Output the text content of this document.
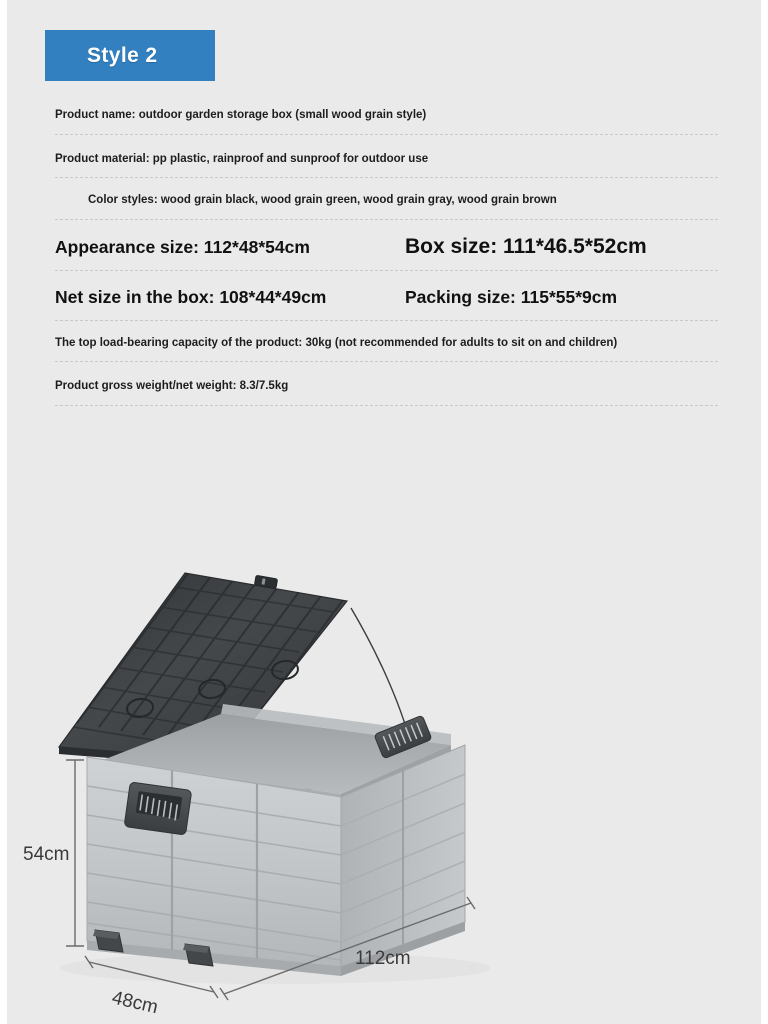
Style 2
Product name: outdoor garden storage box (small wood grain style)
Product material: pp plastic, rainproof and sunproof for outdoor use
Color styles: wood grain black, wood grain green, wood grain gray, wood grain brown
Appearance size: 112*48*54cm	Box size: 111*46.5*52cm
Net size in the box: 108*44*49cm	Packing size: 115*55*9cm
The top load-bearing capacity of the product: 30kg (not recommended for adults to sit on and children)
Product gross weight/net weight: 8.3/7.5kg
54cm
48cm
112cm
